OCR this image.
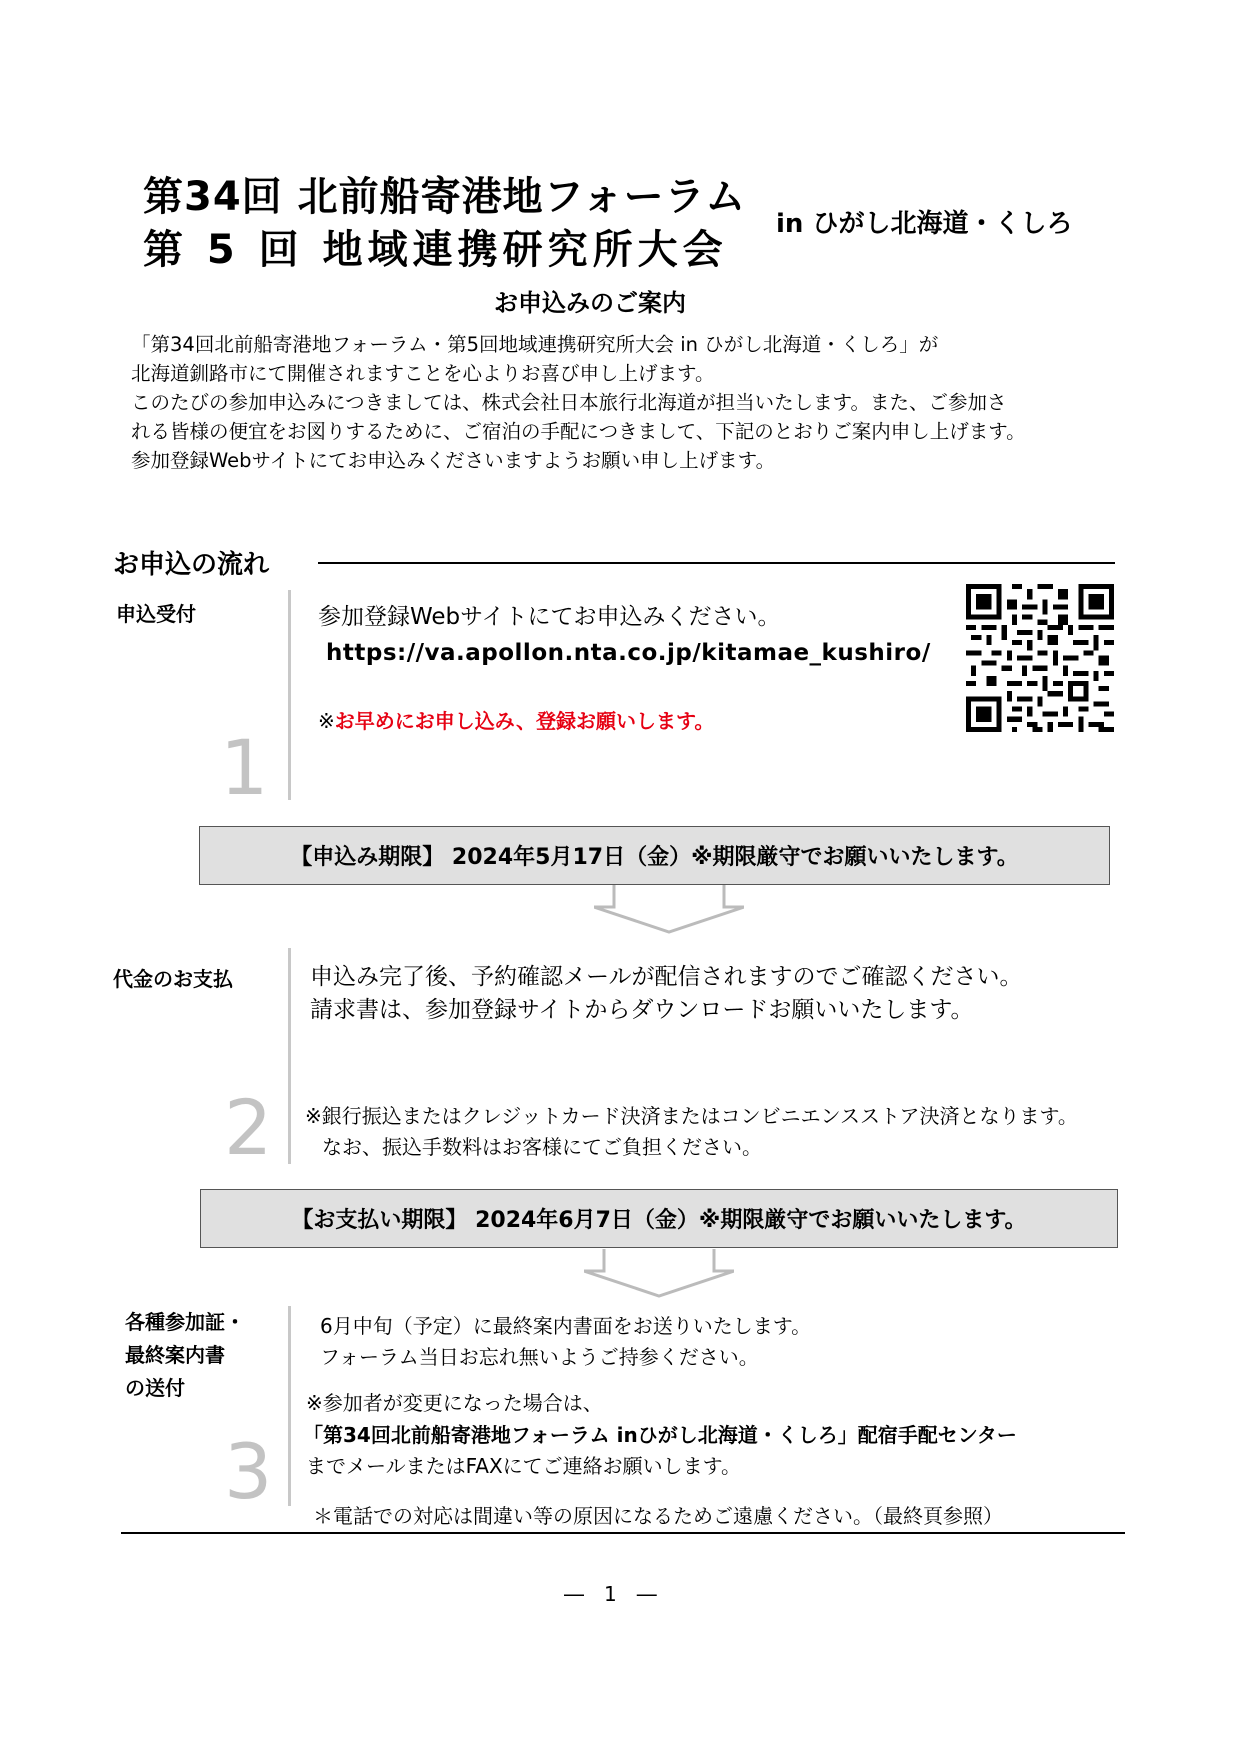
第34回 北前船寄港地フォーラム
第 5 回 地域連携研究所大会
in ひがし北海道・くしろ
お申込みのご案内

「第34回北前船寄港地フォーラム・第5回地域連携研究所大会 in ひがし北海道・くしろ」が

北海道釧路市にて開催されますことを心よりお喜び申し上げます。

このたびの参加申込みにつきましては、株式会社日本旅行北海道が担当いたします。また、ご参加さ

れる皆様の便宜をお図りするために、ご宿泊の手配につきまして、下記のとおりご案内申し上げます。

参加登録Webサイトにてお申込みくださいますようお願い申し上げます。

お申込の流れ
申込受付
1
参加登録Webサイトにてお申込みください。
https://va.apollon.nta.co.jp/kitamae_kushiro/
※お早めにお申し込み、登録お願いします。
【申込み期限】 2024年5月17日（金）※期限厳守でお願いいたします。
代金のお支払
2
申込み完了後、予約確認メールが配信されますのでご確認ください。
請求書は、参加登録サイトからダウンロードお願いいたします。
※銀行振込またはクレジットカード決済またはコンビニエンスストア決済となります。
なお、振込手数料はお客様にてご負担ください。
【お支払い期限】 2024年6月7日（金）※期限厳守でお願いいたします。
各種参加証・
最終案内書
の送付
3
6月中旬（予定）に最終案内書面をお送りいたします。
フォーラム当日お忘れ無いようご持参ください。
※参加者が変更になった場合は、
「第34回北前船寄港地フォーラム inひがし北海道・くしろ」配宿手配センター
までメールまたはFAXにてご連絡お願いします。
＊電話での対応は間違い等の原因になるためご遠慮ください。（最終頁参照）
―　1　―
